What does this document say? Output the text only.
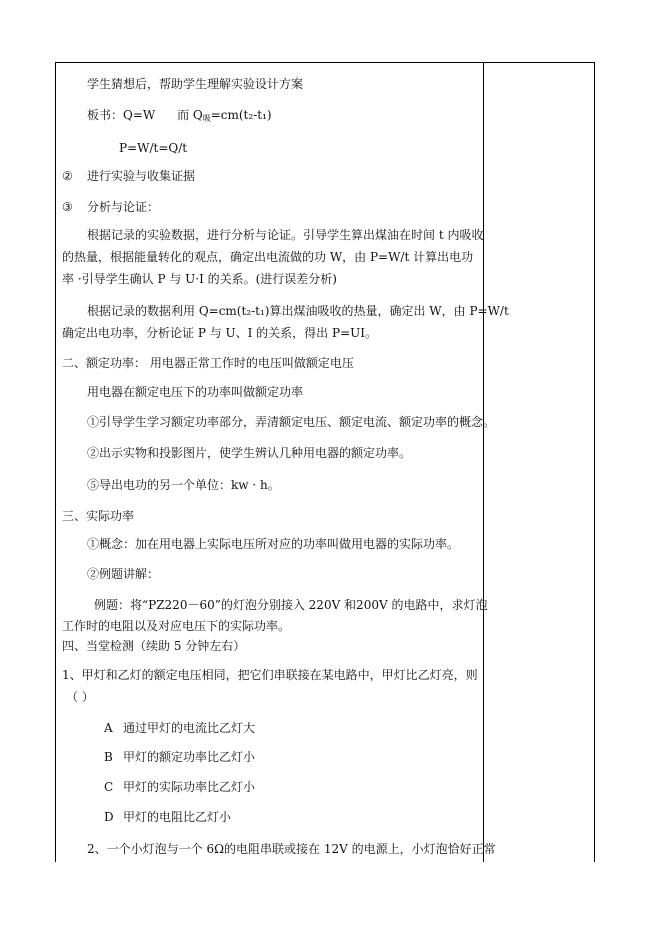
学生猜想后，帮助学生理解实验设计方案
板书：Q=W 而 $Q_吸=cm(t_2-t_1)$
P=W/t=Q/t
② 进行实验与收集证据
③ 分析与论证：
根据记录的实验数据，进行分析与论证。引导学生算出煤油在时间 t 内吸收
的热量，根据能量转化的观点，确定出电流做的功 W，由 P=W/t 计算出电功
率 ·引导学生确认 P 与 U·I 的关系。(进行误差分析)
根据记录的数据利用 Q=cm(t₂-t₁)算出煤油吸收的热量，确定出 W，由 P=W/t
确定出电功率，分析论证 P 与 U、I 的关系，得出 P=UI。
二、额定功率： 用电器正常工作时的电压叫做额定电压
用电器在额定电压下的功率叫做额定功率
①引导学生学习额定功率部分，弄清额定电压、额定电流、额定功率的概念。
②出示实物和投影图片，使学生辨认几种用电器的额定功率。
⑤导出电功的另一个单位：kw · h。
三、实际功率
①概念：加在用电器上实际电压所对应的功率叫做用电器的实际功率。
②例题讲解：
例题：将“PZ220－60”的灯泡分别接入 220V 和200V 的电路中，求灯泡
工作时的电阻以及对应电压下的实际功率。
四、当堂检测（续助 5 分钟左右）
1、甲灯和乙灯的额定电压相同，把它们串联接在某电路中，甲灯比乙灯亮，则
（ ）
A 通过甲灯的电流比乙灯大
B 甲灯的额定功率比乙灯小
C 甲灯的实际功率比乙灯小
D 甲灯的电阻比乙灯小
2、一个小灯泡与一个 6Ω的电阻串联或接在 12V 的电源上，小灯泡恰好正常
